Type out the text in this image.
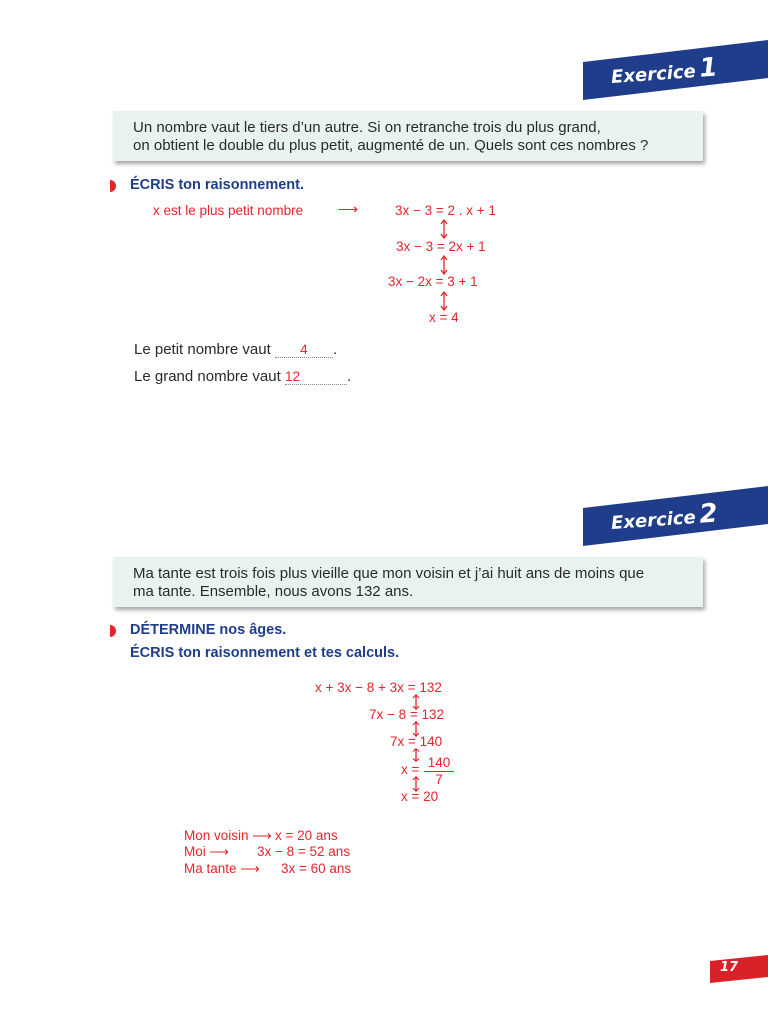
Exercice1
Un nombre vaut le tiers d’un autre. Si on retranche trois du plus grand,
on obtient le double du plus petit, augmenté de un. Quels sont ces nombres ?
ÉCRIS ton raisonnement.
x est le plus petit nombre ⟶	3x − 3 = 2 . x + 1
3x − 3 = 2x + 1
3x − 2x = 3 + 1
x = 4
Le petit nombre vaut 4 .
Le grand nombre vaut 12	.
Exercice2
Ma tante est trois fois plus vieille que mon voisin et j’ai huit ans de moins que
ma tante. Ensemble, nous avons 132 ans.
DÉTERMINE nos âges.
ÉCRIS ton raisonnement et tes calculs.
x + 3x − 8 + 3x = 132
7x − 8 = 132
7x = 140
$x = \frac{140}{7}$
x = 20
Mon voisin ⟶ x = 20 ans
Moi ⟶ 3x − 8 = 52 ans
Ma tante ⟶ 3x = 60 ans
17
